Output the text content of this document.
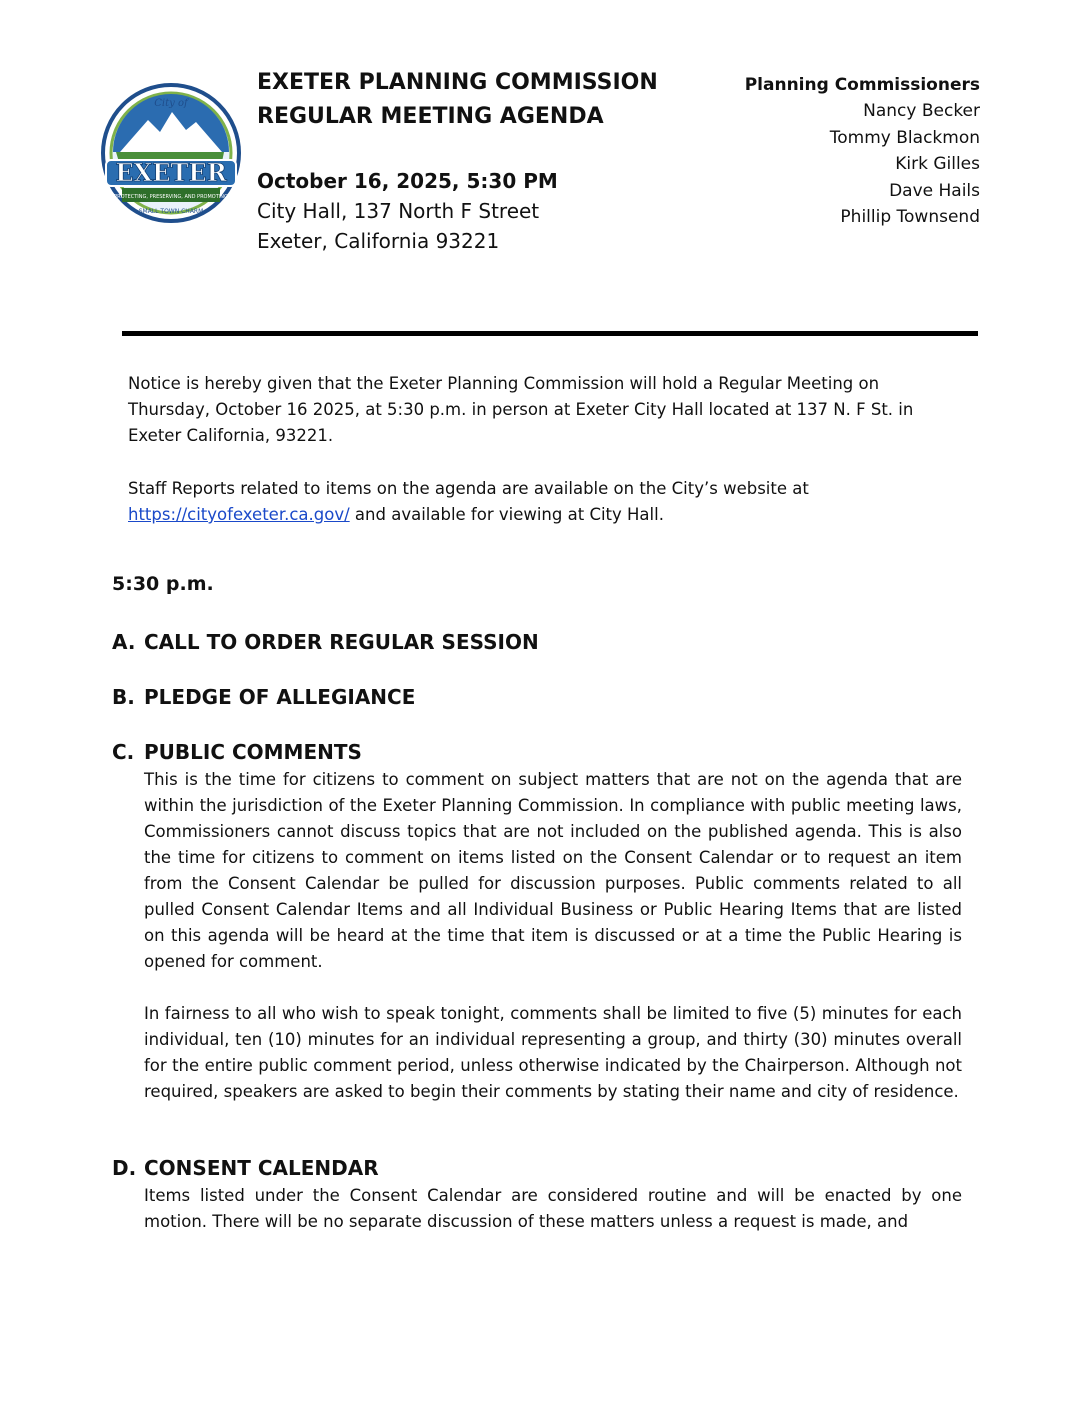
EXETER
PROTECTING, PRESERVING, AND PROMOTING
City of
SMALL TOWN CHARM
EXETER PLANNING COMMISSION
REGULAR MEETING AGENDA
October 16, 2025, 5:30 PM
City Hall, 137 North F Street
Exeter, California 93221
Planning Commissioners
Nancy Becker
Tommy Blackmon
Kirk Gilles
Dave Hails
Phillip Townsend

Notice is hereby given that the Exeter Planning Commission will hold a Regular Meeting on Thursday, October 16 2025, at 5:30 p.m. in person at Exeter City Hall located at 137 N. F St. in Exeter California, 93221.

Staff Reports related to items on the agenda are available on the City’s website at https://cityofexeter.ca.gov/ and available for viewing at City Hall.

5:30 p.m.
A. CALL TO ORDER REGULAR SESSION
B. PLEDGE OF ALLEGIANCE
C. PUBLIC COMMENTS

This is the time for citizens to comment on subject matters that are not on the agenda that are within the jurisdiction of the Exeter Planning Commission. In compliance with public meeting laws, Commissioners cannot discuss topics that are not included on the published agenda. This is also the time for citizens to comment on items listed on the Consent Calendar or to request an item from the Consent Calendar be pulled for discussion purposes. Public comments related to all pulled Consent Calendar Items and all Individual Business or Public Hearing Items that are listed on this agenda will be heard at the time that item is discussed or at a time the Public Hearing is opened for comment.

In fairness to all who wish to speak tonight, comments shall be limited to five (5) minutes for each individual, ten (10) minutes for an individual representing a group, and thirty (30) minutes overall for the entire public comment period, unless otherwise indicated by the Chairperson. Although not required, speakers are asked to begin their comments by stating their name and city of residence.

D. CONSENT CALENDAR

Items listed under the Consent Calendar are considered routine and will be enacted by one motion. There will be no separate discussion of these matters unless a request is made, and
